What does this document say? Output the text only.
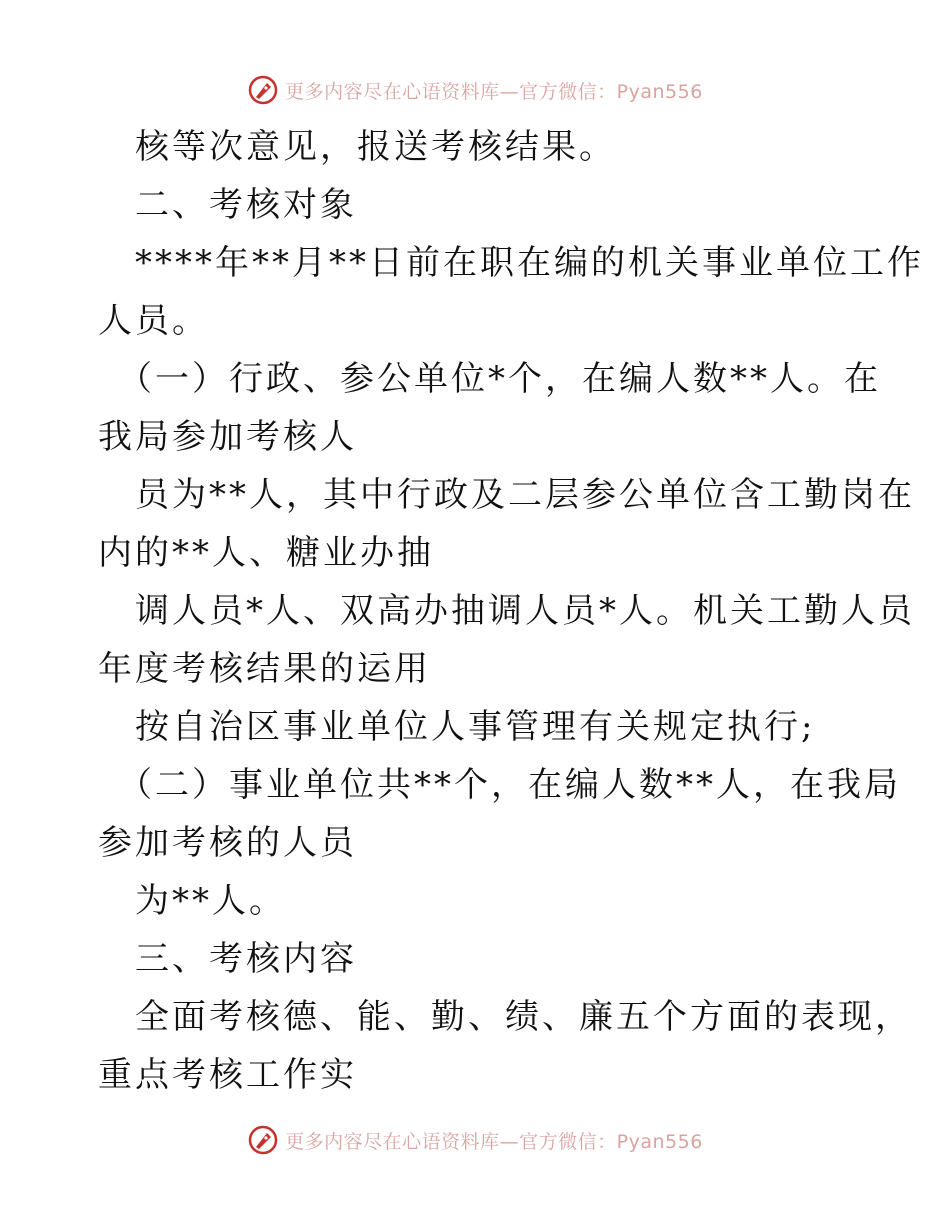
更多内容尽在心语资料库—官方微信：Pyan556
核等次意见，报送考核结果。
二、考核对象
****年**月**日前在职在编的机关事业单位工作
人员。
（一）行政、参公单位*个，在编人数**人。在
我局参加考核人
员为**人，其中行政及二层参公单位含工勤岗在
内的**人、糖业办抽
调人员*人、双高办抽调人员*人。机关工勤人员
年度考核结果的运用
按自治区事业单位人事管理有关规定执行;
（二）事业单位共**个，在编人数**人，在我局
参加考核的人员
为**人。
三、考核内容
全面考核德、能、勤、绩、廉五个方面的表现，
重点考核工作实
更多内容尽在心语资料库—官方微信：Pyan556
